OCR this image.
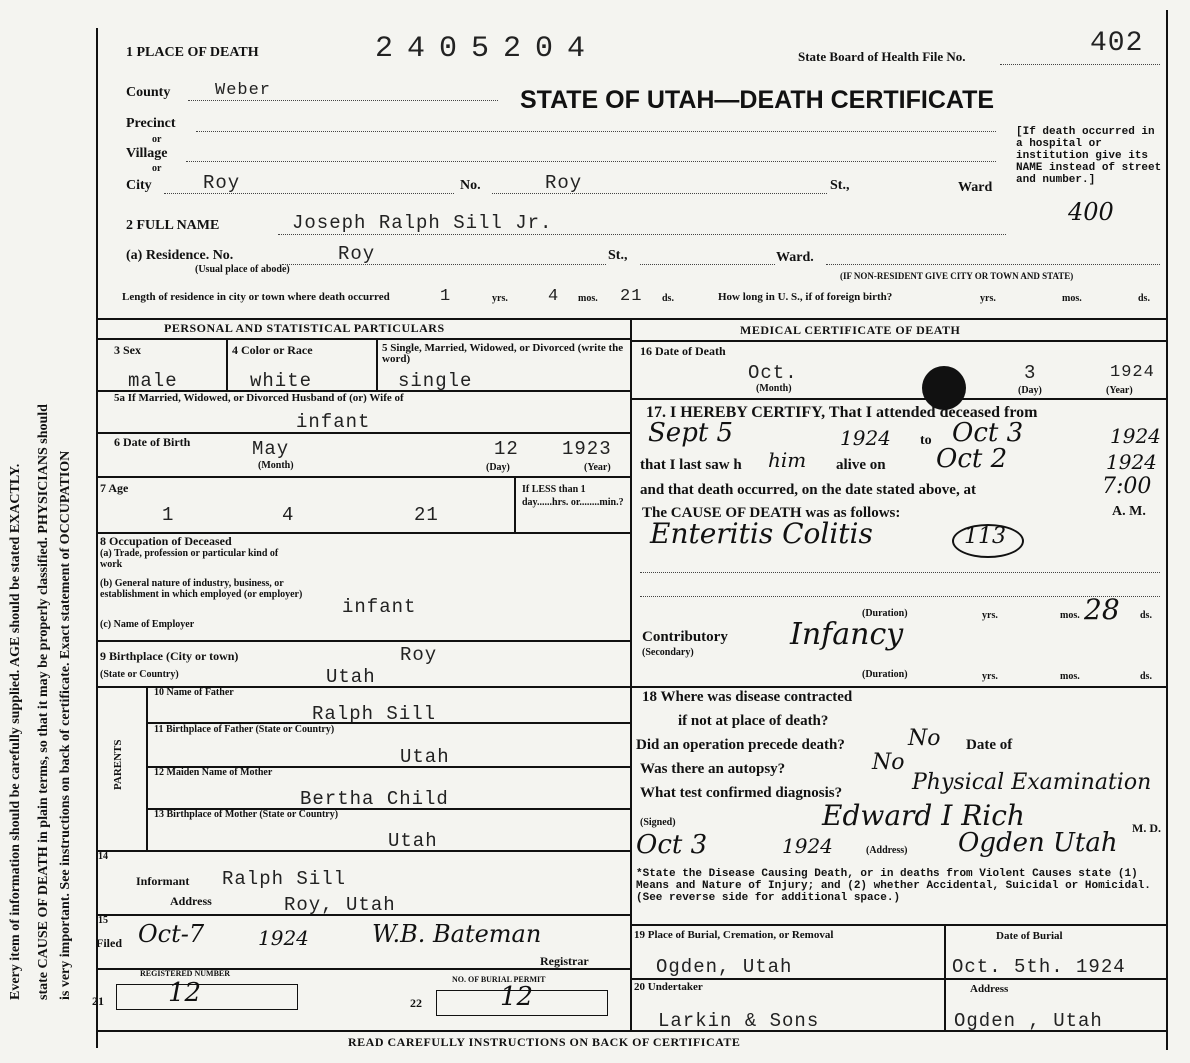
Every item of information should be carefully supplied. AGE should be stated EXACTLY. state CAUSE OF DEATH in plain terms, so that it may be properly classified. PHYSICIANS should is very important. See instructions on back of certificate. Exact statement of OCCUPATION
1 PLACE OF DEATH	2405204	State Board of Health File No.	402
STATE OF UTAH—DEATH CERTIFICATE
[If death occurred in a hospital or institution give its NAME instead of street and number.]
400
County	Weber
Precinct
or
Village
or
City	Roy	No.	Roy	St.,	Ward
2 FULL NAME	Joseph Ralph Sill Jr.
(a) Residence. No.	Roy	St.,	Ward.
(Usual place of abode)
(IF NON-RESIDENT GIVE CITY OR TOWN AND STATE)
Length of residence in city or town where death occurred	1	yrs. 4 mos. 21 ds.	How long in U. S., if of foreign birth?	yrs.	mos.	ds.
PERSONAL AND STATISTICAL PARTICULARS
3 Sex	4 Color or Race	5 Single, Married, Widowed, or Divorced (write the word)
male	white	single
5a If Married, Widowed, or Divorced Husband of (or) Wife of
infant
6 Date of Birth	May	12 1923
(Month)	(Day)	(Year)
7 Age
1	4	21
If LESS than 1 day......hrs. or........min.?
8 Occupation of Deceased
(a) Trade, profession or particular kind of work
(b) General nature of industry, business, or establishment in which employed (or employer)
infant
(c) Name of Employer
9 Birthplace (City or town)	Roy
(State or Country)	Utah
PARENTS
10 Name of Father
Ralph Sill
11 Birthplace of Father (State or Country)
Utah
12 Maiden Name of Mother
Bertha Child
13 Birthplace of Mother (State or Country)
Utah
14
Informant Ralph Sill
Address	Roy, Utah
15
Filed Oct-7	1924	W.B. Bateman
Registrar
REGISTERED NUMBER
NO. OF BURIAL PERMIT
21 12	22	12
MEDICAL CERTIFICATE OF DEATH
16 Date of Death
Oct.	3	1924
(Month)	(Day)	(Year)
17. I HEREBY CERTIFY, That I attended deceased from
Sept 5	1924 to Oct 3	1924
that I last saw h him alive on Oct 2	1924
and that death occurred, on the date stated above, at	7:00
A. M.
The CAUSE OF DEATH was as follows:
Enteritis Colitis	113
(Duration)	yrs.	mos. 28 ds.
Contributory
(Secondary)
Infancy
(Duration)	yrs.	mos.	ds.
18 Where was disease contracted
if not at place of death?
Did an operation precede death?	No Date of
Was there an autopsy?	No
What test confirmed diagnosis?	Physical Examination
(Signed)	Edward I Rich	M. D.
Oct 3	1924	(Address) Ogden Utah
*State the Disease Causing Death, or in deaths from Violent Causes state (1) Means and Nature of Injury; and (2) whether Accidental, Suicidal or Homicidal. (See reverse side for additional space.)
19 Place of Burial, Cremation, or Removal	Date of Burial
Ogden, Utah	Oct. 5th. 1924
20 Undertaker	Address
Larkin & Sons	Ogden , Utah
READ CAREFULLY INSTRUCTIONS ON BACK OF CERTIFICATE
